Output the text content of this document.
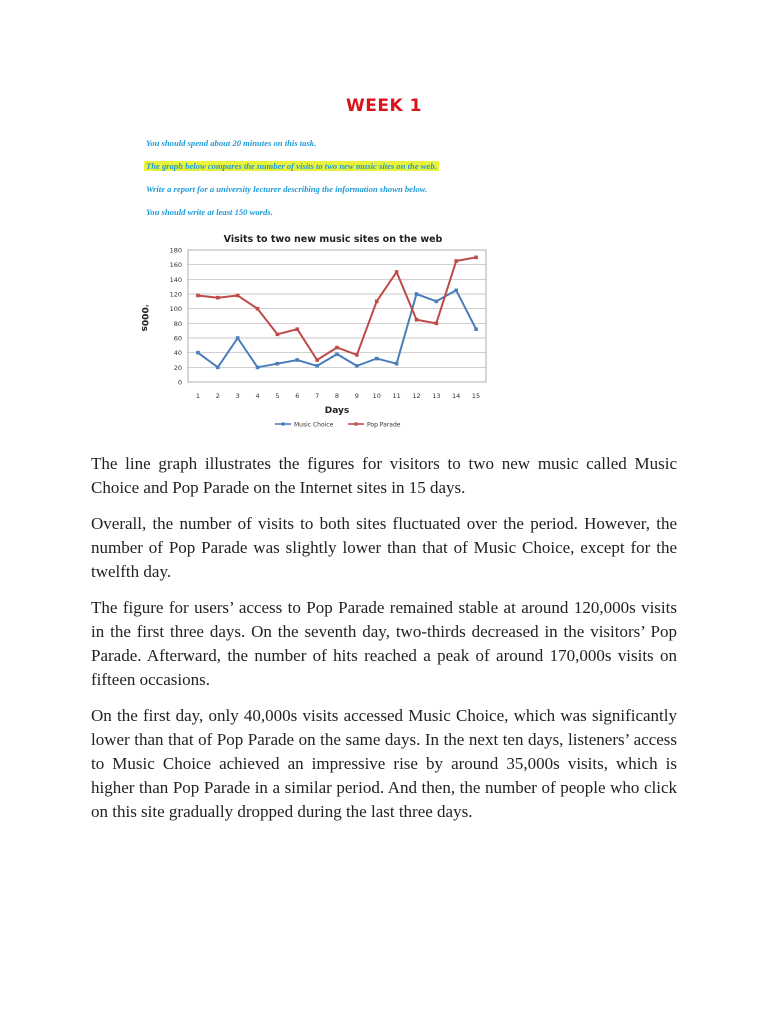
WEEK 1
You should spend about 20 minutes on this task.
The graph below compares the number of visits to two new music sites on the web.
Write a report for a university lecturer describing the information shown below.
You should write at least 150 words.
Visits to two new music sites on the web
0
20
40
60
80
100
120
140
160
180
1 2 3 4 5 6 7 8 9 10 11 12 13 14 15
Days
'000s
Music Choice	Pop Parade

The line graph illustrates the figures for visitors to two new music called Music Choice and Pop Parade on the Internet sites in 15 days.

Overall, the number of visits to both sites fluctuated over the period. However, the number of Pop Parade was slightly lower than that of Music Choice, except for the twelfth day.

The figure for users’ access to Pop Parade remained stable at around 120,000s visits in the first three days. On the seventh day, two-thirds decreased in the visitors’ Pop Parade. Afterward, the number of hits reached a peak of around 170,000s visits on fifteen occasions.

On the first day, only 40,000s visits accessed Music Choice, which was significantly lower than that of Pop Parade on the same days. In the next ten days, listeners’ access to Music Choice achieved an impressive rise by around 35,000s visits, which is higher than Pop Parade in a similar period. And then, the number of people who click on this site gradually dropped during the last three days.
